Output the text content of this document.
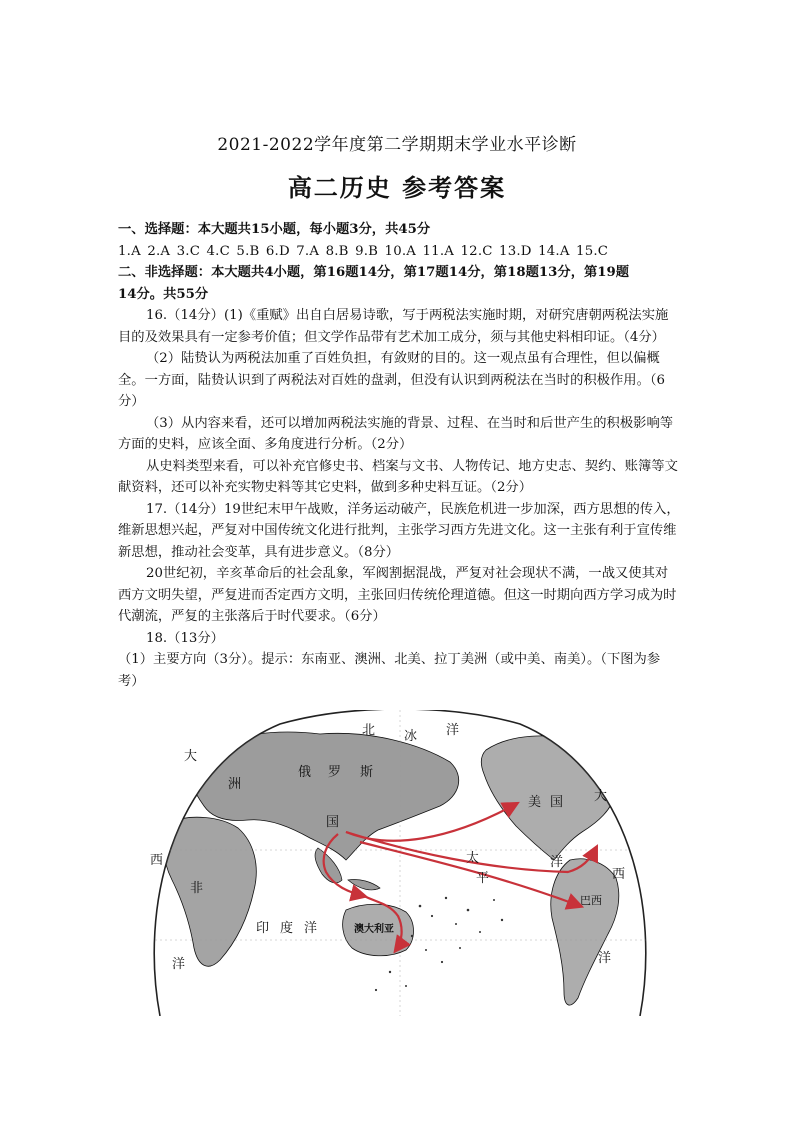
2021-2022学年度第二学期期末学业水平诊断
高二历史 参考答案

一、选择题：本大题共15小题，每小题3分，共45分

1.A 2.A 3.C 4.C 5.B 6.D 7.A 8.B 9.B 10.A 11.A 12.C 13.D 14.A 15.C

二、非选择题：本大题共4小题，第16题14分，第17题14分，第18题13分，第19题

14分。共55分

16.（14分）(1)《重赋》出自白居易诗歌，写于两税法实施时期，对研究唐朝两税法实施目的及效果具有一定参考价值；但文学作品带有艺术加工成分，须与其他史料相印证。（4分）

（2）陆贽认为两税法加重了百姓负担，有敛财的目的。这一观点虽有合理性，但以偏概全。一方面，陆贽认识到了两税法对百姓的盘剥，但没有认识到两税法在当时的积极作用。（6分）

（3）从内容来看，还可以增加两税法实施的背景、过程、在当时和后世产生的积极影响等方面的史料，应该全面、多角度进行分析。（2分）

从史料类型来看，可以补充官修史书、档案与文书、人物传记、地方史志、契约、账簿等文献资料，还可以补充实物史料等其它史料，做到多种史料互证。（2分）

17.（14分）19世纪末甲午战败，洋务运动破产，民族危机进一步加深，西方思想的传入，维新思想兴起，严复对中国传统文化进行批判，主张学习西方先进文化。这一主张有利于宣传维新思想，推动社会变革，具有进步意义。（8分）

20世纪初，辛亥革命后的社会乱象，军阀割据混战，严复对社会现状不满，一战又使其对西方文明失望，严复进而否定西方文明，主张回归传统伦理道德。但这一时期向西方学习成为时代潮流，严复的主张落后于时代要求。（6分）

18.（13分）

（1）主要方向（3分）。提示：东南亚、澳洲、北美、拉丁美洲（或中美、南美）。（下图为参考）

北 冰 洋
俄 罗 斯
美 国
国
太
平
洋
印 度 洋	澳大利亚
巴西
大
西
非
洲
大
洋
洋
西
